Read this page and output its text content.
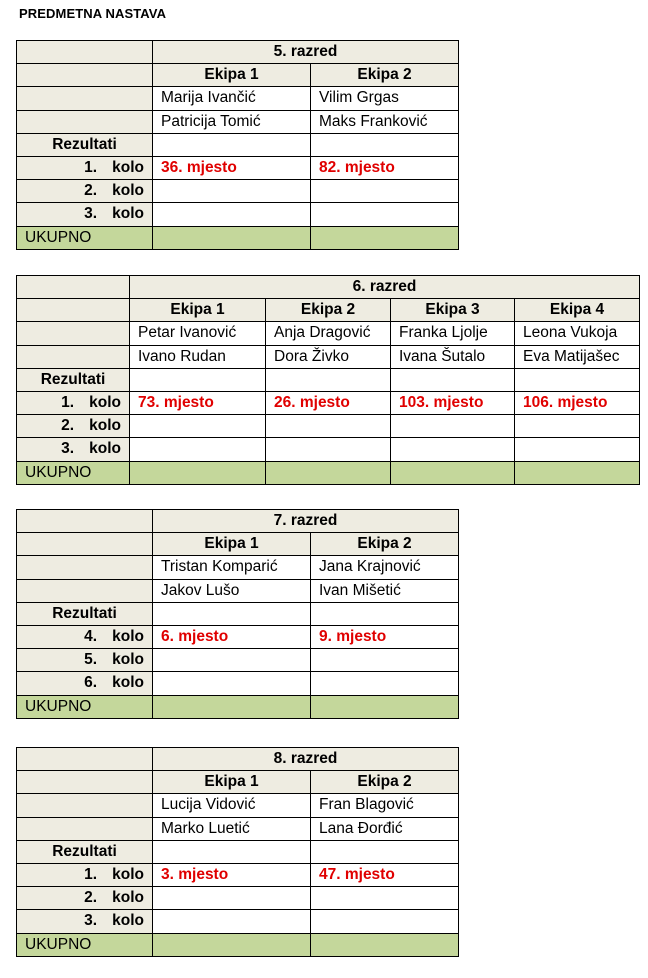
PREDMETNA NASTAVA
	5. razred	
	Ekipa 1	Ekipa 2
	Marija Ivančić	Vilim Grgas
	Patricija Tomić	Maks Franković
Rezultati		
1. kolo	36. mjesto	82. mjesto
2. kolo		
3. kolo		
UKUPNO		
	6. razred			
	Ekipa 1	Ekipa 2	Ekipa 3	Ekipa 4
	Petar Ivanović	Anja Dragović	Franka Ljolje	Leona Vukoja
	Ivano Rudan	Dora Živko	Ivana Šutalo	Eva Matijašec
Rezultati				
1. kolo	73. mjesto	26. mjesto	103. mjesto	106. mjesto
2. kolo				
3. kolo				
UKUPNO				
	7. razred	
	Ekipa 1	Ekipa 2
	Tristan Komparić	Jana Krajnović
	Jakov Lušo	Ivan Mišetić
Rezultati		
4. kolo	6. mjesto	9. mjesto
5. kolo		
6. kolo		
UKUPNO		
	8. razred	
	Ekipa 1	Ekipa 2
	Lucija Vidović	Fran Blagović
	Marko Luetić	Lana Đorđić
Rezultati		
1. kolo	3. mjesto	47. mjesto
2. kolo		
3. kolo		
UKUPNO		
